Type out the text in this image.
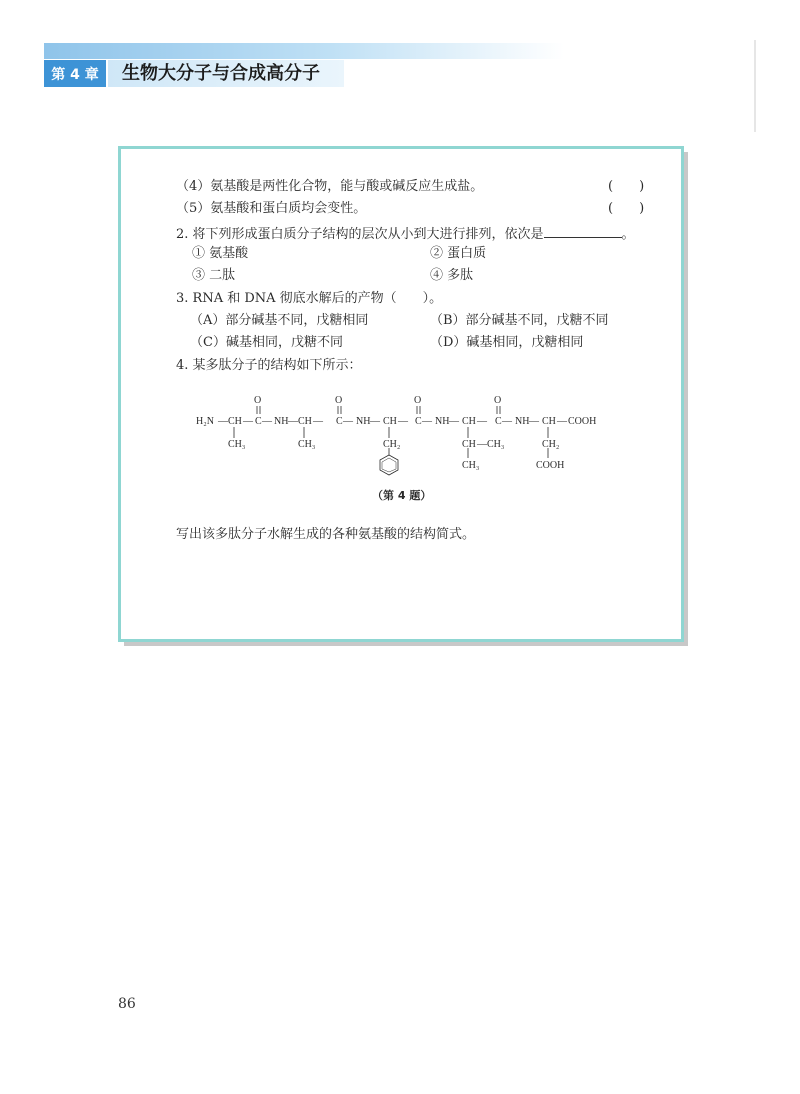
第 4 章	生物大分子与合成高分子
（4）氨基酸是两性化合物，能与酸或碱反应生成盐。	(　　)
（5）氨基酸和蛋白质均会变性。	(　　)
2. 将下列形成蛋白质分子结构的层次从小到大进行排列，依次是	。
① 氨基酸	② 蛋白质
③ 二肽	④ 多肽
3. RNA 和 DNA 彻底水解后的产物（　　）。
（A）部分碱基不同，戊糖相同	（B）部分碱基不同，戊糖不同
（C）碱基相同，戊糖不同	（D）碱基相同，戊糖相同
4. 某多肽分子的结构如下所示：
H₂N — CH — C — NH — CH — C — NH — CH — C — NH — CH — C — NH — CH — COOH
O	O	O	O
CH₃	CH₃	CH₂	CH — CH₃
CH₃
CH₂
COOH
（第 4 题）
写出该多肽分子水解生成的各种氨基酸的结构简式。
86
